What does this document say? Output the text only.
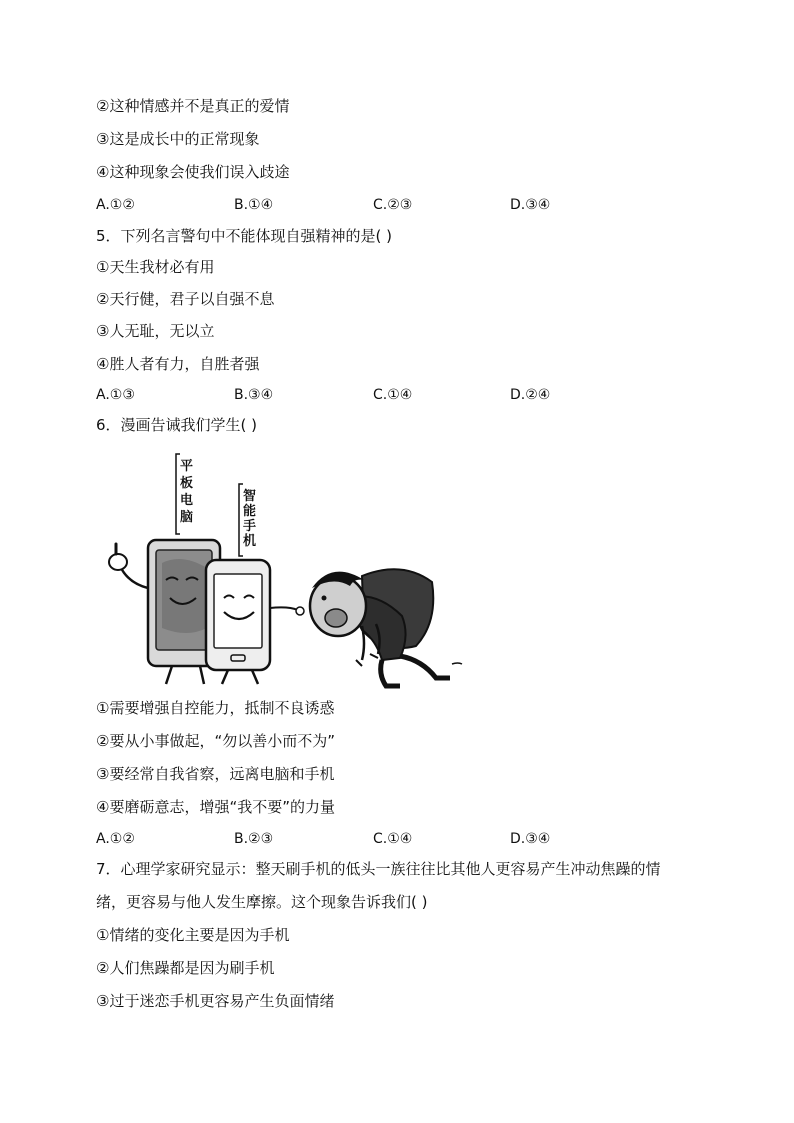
②这种情感并不是真正的爱情
③这是成长中的正常现象
④这种现象会使我们误入歧途
A.①②	B.①④	C.②③	D.③④
5．下列名言警句中不能体现自强精神的是( )
①天生我材必有用
②天行健，君子以自强不息
③人无耻，无以立
④胜人者有力，自胜者强
A.①③	B.③④	C.①④	D.②④
6．漫画告诫我们学生( )
平板电脑
智能手机
①需要增强自控能力，抵制不良诱惑
②要从小事做起，“勿以善小而不为”
③要经常自我省察，远离电脑和手机
④要磨砺意志，增强“我不要”的力量
A.①②	B.②③	C.①④	D.③④
7．心理学家研究显示：整天刷手机的低头一族往往比其他人更容易产生冲动焦躁的情
绪，更容易与他人发生摩擦。这个现象告诉我们( )
①情绪的变化主要是因为手机
②人们焦躁都是因为刷手机
③过于迷恋手机更容易产生负面情绪
